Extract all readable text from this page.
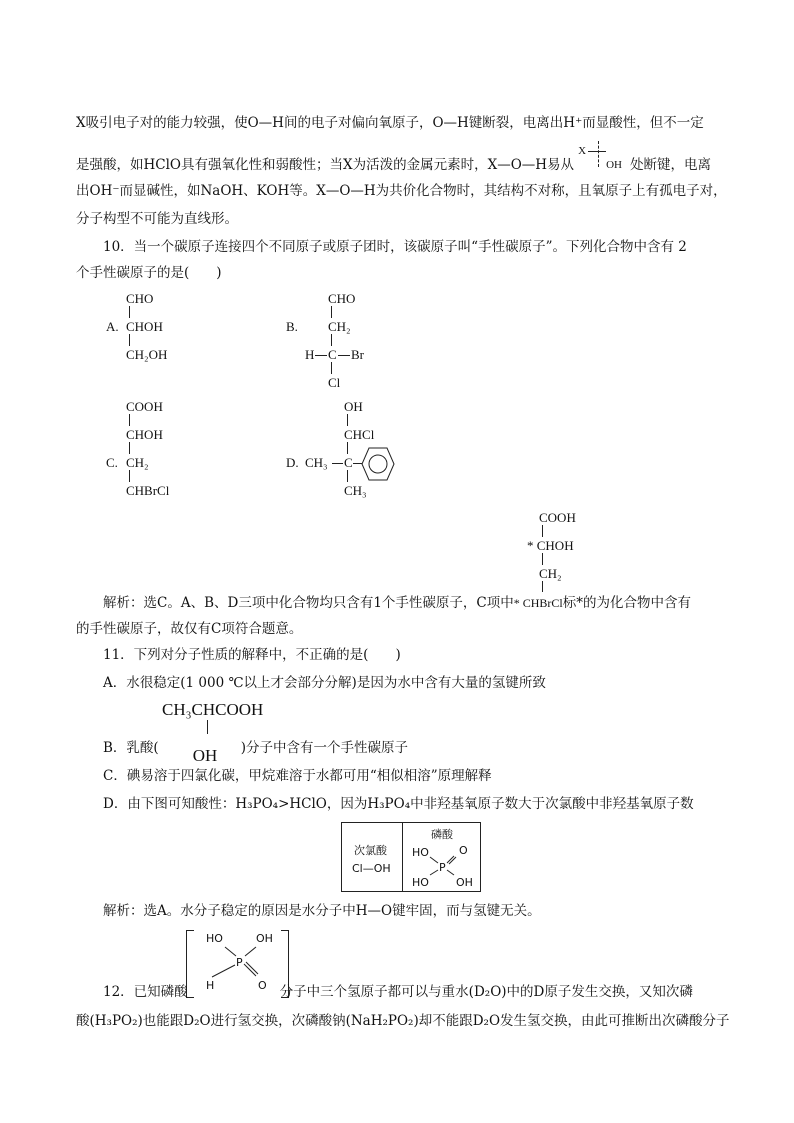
X吸引电子对的能力较强，使O—H间的电子对偏向氧原子，O—H键断裂，电离出H⁺而显酸性，但不一定
是强酸，如HClO具有强氧化性和弱酸性；当X为活泼的金属元素时，X—O—H易从
X
OH 处断键，电离
出OH⁻而显碱性，如NaOH、KOH等。X—O—H为共价化合物时，其结构不对称，且氧原子上有孤电子对，
分子构型不可能为直线形。
10．当一个碳原子连接四个不同原子或原子团时，该碳原子叫“手性碳原子”。下列化合物中含有 2
个手性碳原子的是(　　)
CHO
A. CHOH
CH₂OH
CHO
B. CH₂
H C Br
Cl
COOH
CHOH
C. CH₂
CHBrCl
OH
CHCl
D. CH₃ C
CH₃
COOH
* CHOH
CH₂
解析：选C。A、B、D三项中化合物均只含有1个手性碳原子，C项中* CHBrCl标*的为化合物中含有
的手性碳原子，故仅有C项符合题意。
11．下列对分子性质的解释中，不正确的是(　　)
A．水很稳定(1 000 ℃以上才会部分分解)是因为水中含有大量的氢键所致
CH₃CHCOOH
B．乳酸( OH )分子中含有一个手性碳原子
C．碘易溶于四氯化碳，甲烷难溶于水都可用“相似相溶”原理解释
D．由下图可知酸性：H₃PO₄>HClO，因为H₃PO₄中非羟基氧原子数大于次氯酸中非羟基氧原子数
次氯酸
Cl—OH
磷酸
HO	O
P
HO OH
解析：选A。水分子稳定的原因是水分子中H—O键牢固，而与氢键无关。
HO	OH
P
H	O
12．已知磷酸	分子中三个氢原子都可以与重水(D₂O)中的D原子发生交换，又知次磷
酸(H₃PO₂)也能跟D₂O进行氢交换，次磷酸钠(NaH₂PO₂)却不能跟D₂O发生氢交换，由此可推断出次磷酸分子
